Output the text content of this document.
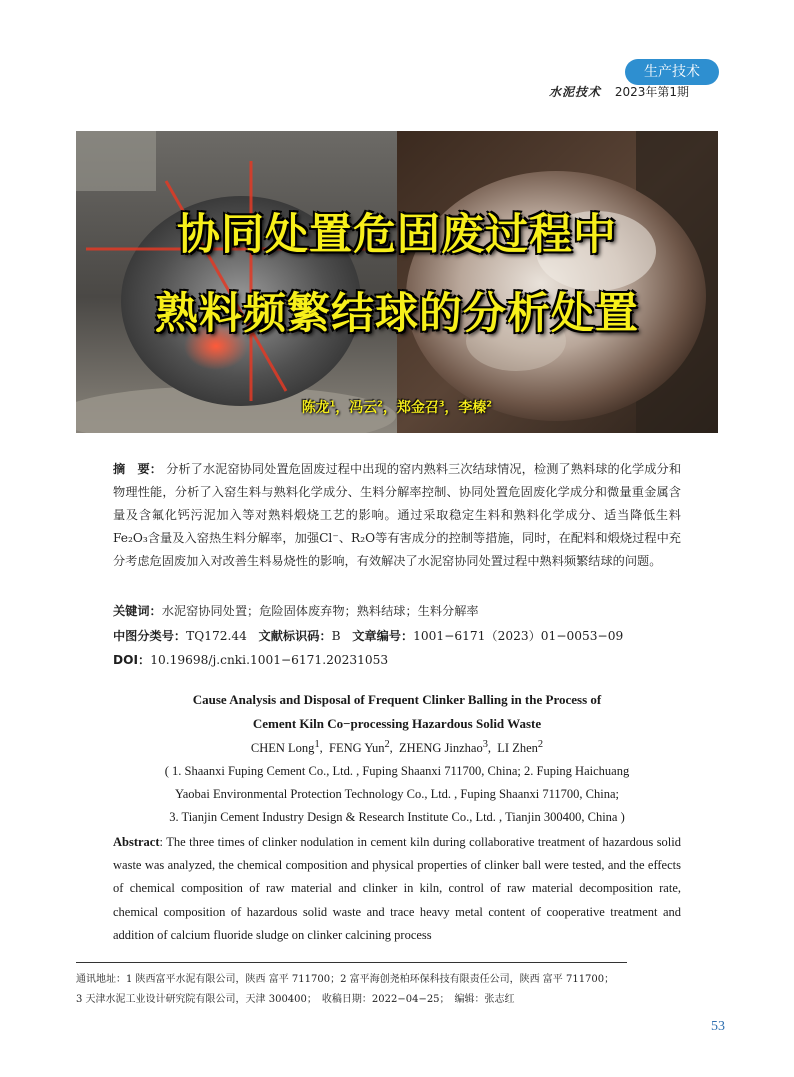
生产技术
水泥技术 2023年第1期
协同处置危固废过程中
熟料频繁结球的分析处置
陈龙$^1$，冯云$^2$，郑金召$^3$，李榛$^2$
摘　要： 分析了水泥窑协同处置危固废过程中出现的窑内熟料三次结球情况，检测了熟料球的化学成分和物理性能，分析了入窑生料与熟料化学成分、生料分解率控制、协同处置危固废化学成分和微量重金属含量及含氟化钙污泥加入等对熟料煅烧工艺的影响。通过采取稳定生料和熟料化学成分、适当降低生料Fe₂O₃含量及入窑热生料分解率，加强Cl⁻、R₂O等有害成分的控制等措施，同时，在配料和煅烧过程中充分考虑危固废加入对改善生料易烧性的影响，有效解决了水泥窑协同处置过程中熟料频繁结球的问题。
关键词：水泥窑协同处置；危险固体废弃物；熟料结球；生料分解率
中图分类号：TQ172.44 文献标识码：B 文章编号：1001−6171（2023）01−0053−09
DOI：10.19698/j.cnki.1001−6171.20231053
Cause Analysis and Disposal of Frequent Clinker Balling in the Process of
Cement Kiln Co−processing Hazardous Solid Waste
CHEN Long$^1$,  FENG Yun$^2$,  ZHENG Jinzhao$^3$,  LI Zhen$^2$
( 1. Shaanxi Fuping Cement Co., Ltd. , Fuping Shaanxi 711700, China; 2. Fuping Haichuang
Yaobai Environmental Protection Technology Co., Ltd. , Fuping Shaanxi 711700, China;
3. Tianjin Cement Industry Design & Research Institute Co., Ltd. , Tianjin 300400, China )
Abstract: The three times of clinker nodulation in cement kiln during collaborative treatment of hazardous solid waste was analyzed, the chemical composition and physical properties of clinker ball were tested, and the effects of chemical composition of raw material and clinker in kiln, control of raw material decomposition rate, chemical composition of hazardous solid waste and trace heavy metal content of cooperative treatment and addition of calcium fluoride sludge on clinker calcining process
通讯地址：1 陕西富平水泥有限公司，陕西 富平 711700；2 富平海创尧柏环保科技有限责任公司，陕西 富平 711700；
3 天津水泥工业设计研究院有限公司，天津 300400；　收稿日期：2022−04−25；　编辑：张志红
53
